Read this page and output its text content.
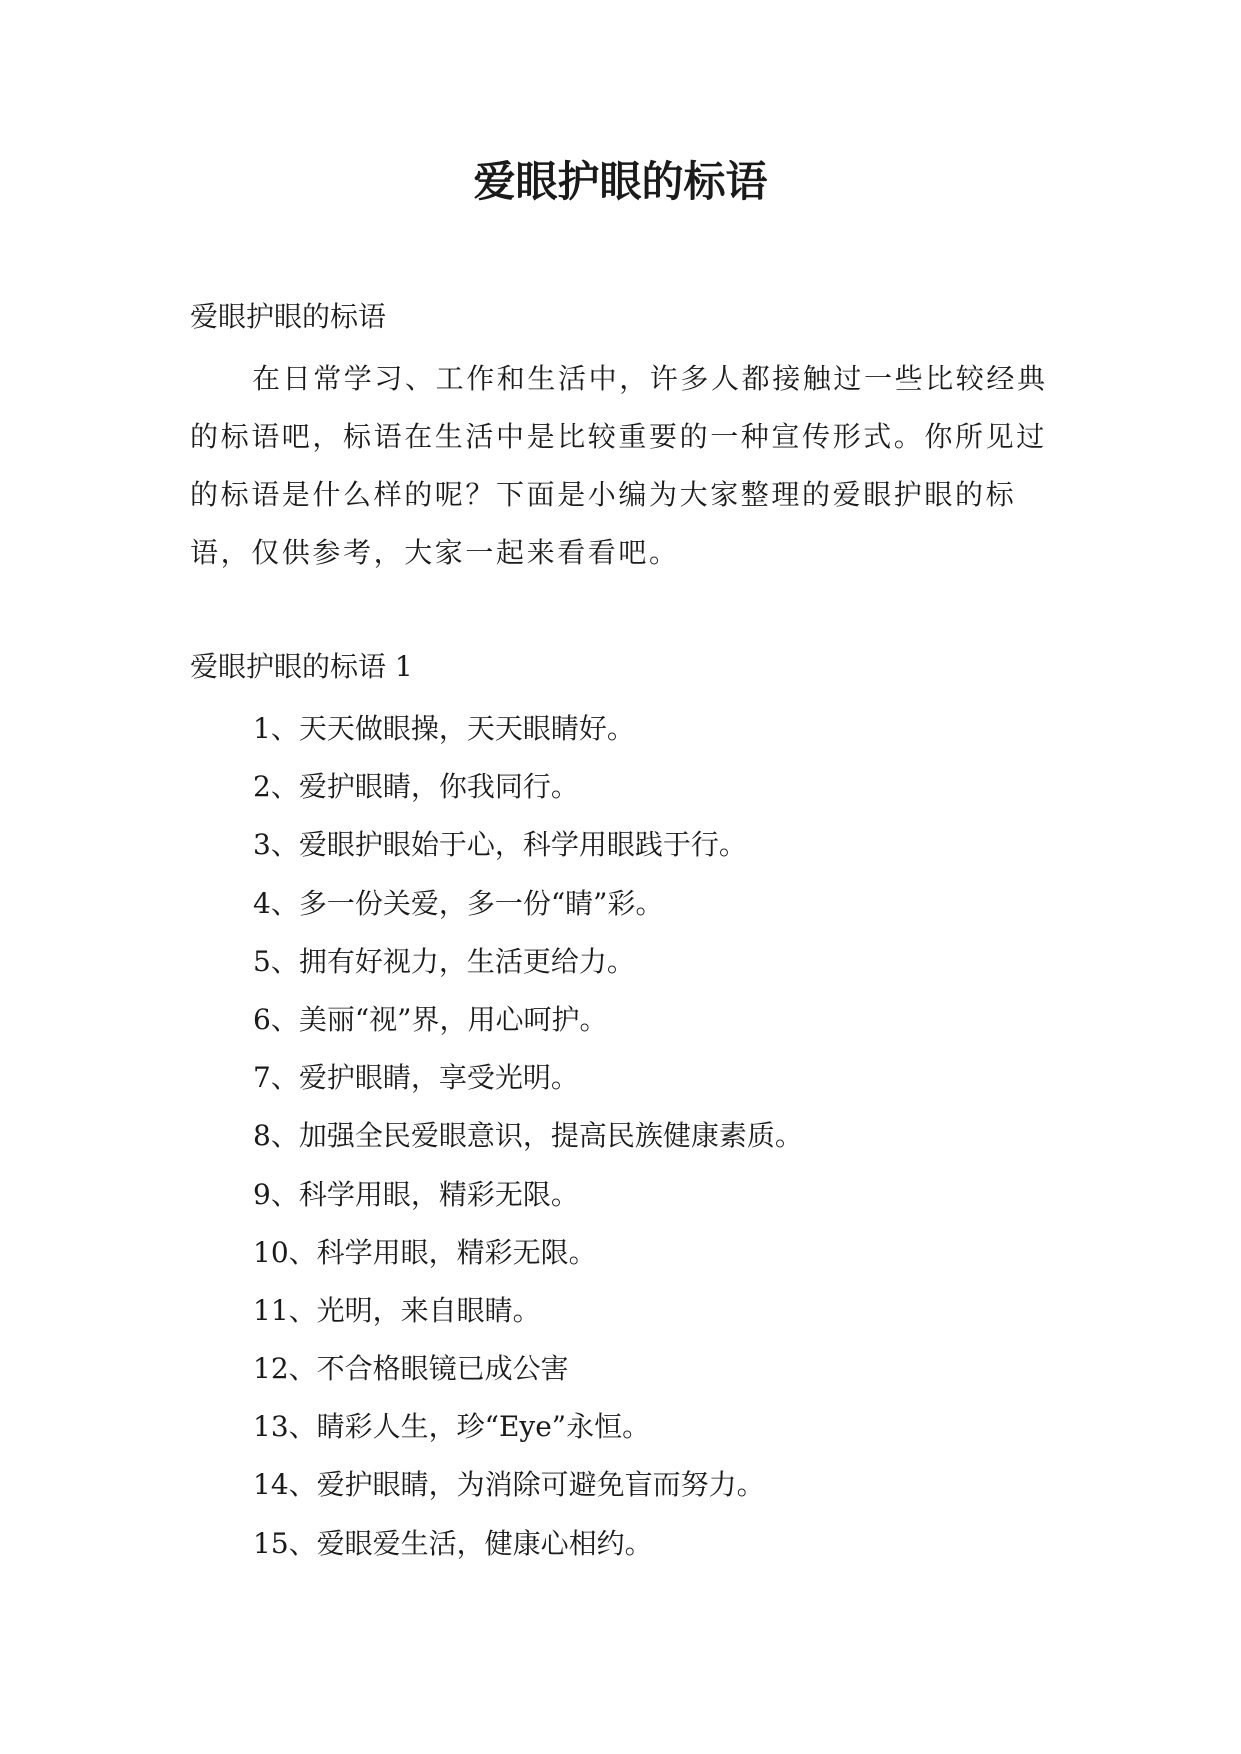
爱眼护眼的标语

爱眼护眼的标语

在日常学习、工作和生活中，许多人都接触过一些比较经典的标语吧，标语在生活中是比较重要的一种宣传形式。你所见过的标语是什么样的呢？下面是小编为大家整理的爱眼护眼的标语，仅供参考，大家一起来看看吧。

爱眼护眼的标语 1

1、天天做眼操，天天眼睛好。
2、爱护眼睛，你我同行。
3、爱眼护眼始于心，科学用眼践于行。
4、多一份关爱，多一份“睛”彩。
5、拥有好视力，生活更给力。
6、美丽“视”界，用心呵护。
7、爱护眼睛，享受光明。
8、加强全民爱眼意识，提高民族健康素质。
9、科学用眼，精彩无限。
10、科学用眼，精彩无限。
11、光明，来自眼睛。
12、不合格眼镜已成公害
13、睛彩人生，珍“Eye”永恒。
14、爱护眼睛，为消除可避免盲而努力。
15、爱眼爱生活，健康心相约。
